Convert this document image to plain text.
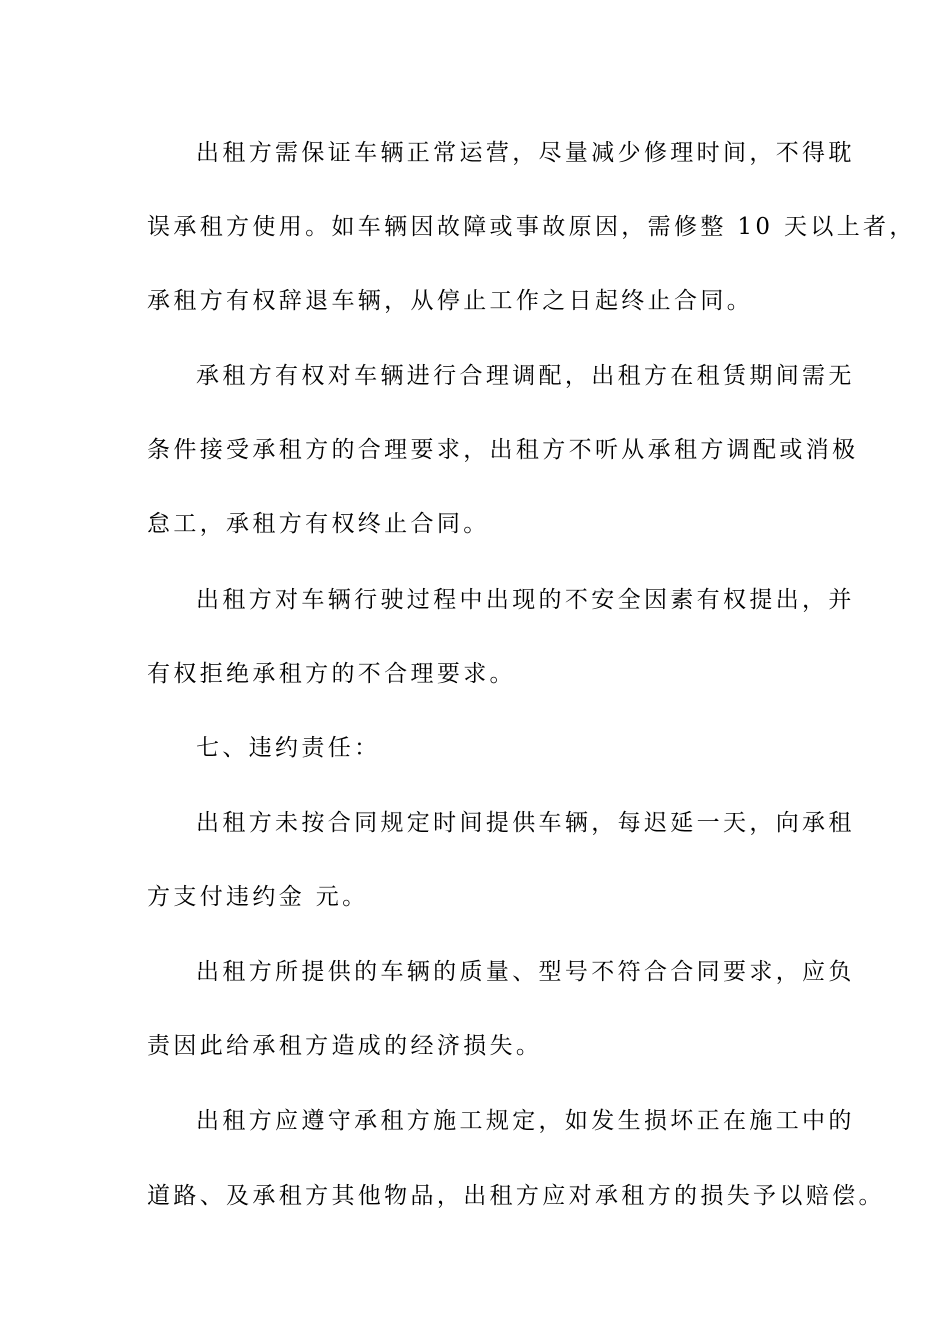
出租方需保证车辆正常运营，尽量减少修理时间，不得耽
误承租方使用。如车辆因故障或事故原因，需修整 10 天以上者，
承租方有权辞退车辆，从停止工作之日起终止合同。
承租方有权对车辆进行合理调配，出租方在租赁期间需无
条件接受承租方的合理要求，出租方不听从承租方调配或消极
怠工，承租方有权终止合同。
出租方对车辆行驶过程中出现的不安全因素有权提出，并
有权拒绝承租方的不合理要求。
七、违约责任：
出租方未按合同规定时间提供车辆，每迟延一天，向承租
方支付违约金 元。
出租方所提供的车辆的质量、型号不符合合同要求，应负
责因此给承租方造成的经济损失。
出租方应遵守承租方施工规定，如发生损坏正在施工中的
道路、及承租方其他物品，出租方应对承租方的损失予以赔偿。
